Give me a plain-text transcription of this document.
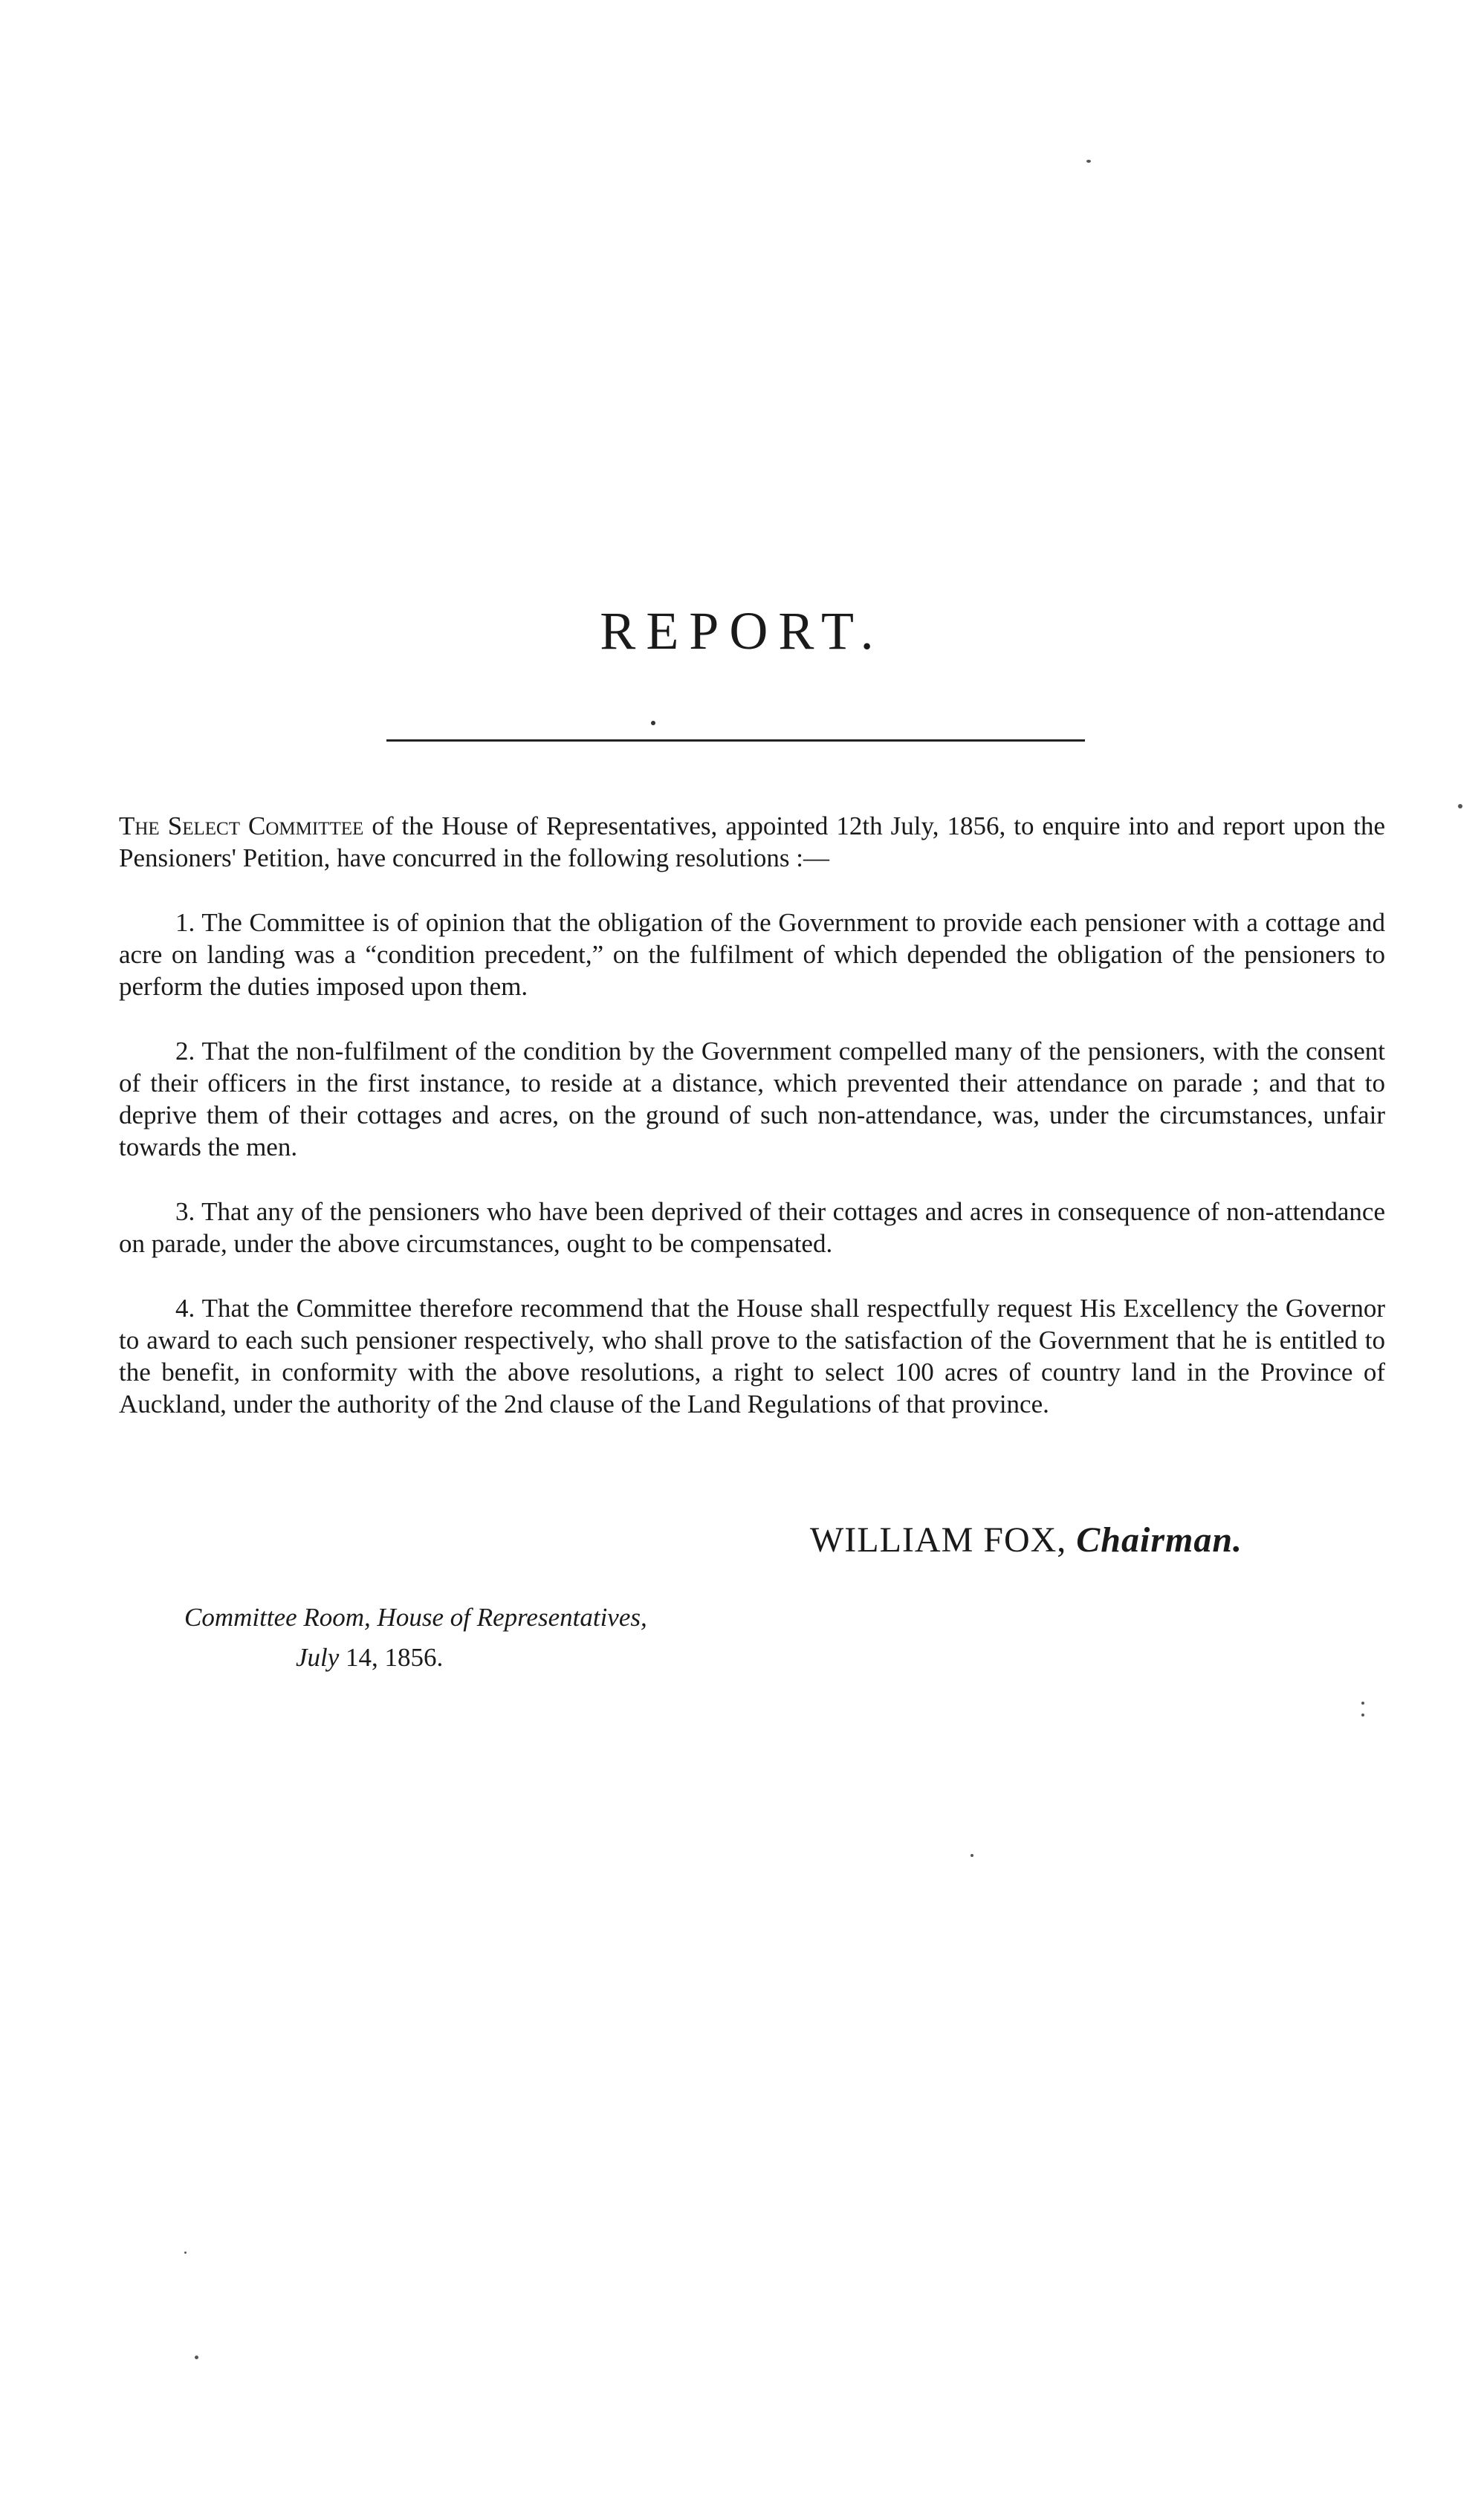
REPORT.
The Select Committee of the House of Representatives, appointed 12th July, 1856, to enquire into and report upon the Pensioners' Petition, have concurred in the following resolutions :—

1. The Committee is of opinion that the obligation of the Government to provide each pensioner with a cottage and acre on landing was a “condition precedent,” on the fulfilment of which depended the obligation of the pensioners to perform the duties imposed upon them.

2. That the non-fulfilment of the condition by the Government compelled many of the pensioners, with the consent of their officers in the first instance, to reside at a distance, which prevented their attendance on parade ; and that to deprive them of their cottages and acres, on the ground of such non-attendance, was, under the circumstances, unfair towards the men.

3. That any of the pensioners who have been deprived of their cottages and acres in consequence of non-attendance on parade, under the above circumstances, ought to be compensated.

4. That the Committee therefore recommend that the House shall respectfully request His Excellency the Governor to award to each such pensioner respectively, who shall prove to the satisfaction of the Government that he is entitled to the benefit, in conformity with the above resolutions, a right to select 100 acres of country land in the Province of Auckland, under the authority of the 2nd clause of the Land Regulations of that province.

WILLIAM FOX, Chairman.
Committee Room, House of Representatives,
July 14, 1856.
